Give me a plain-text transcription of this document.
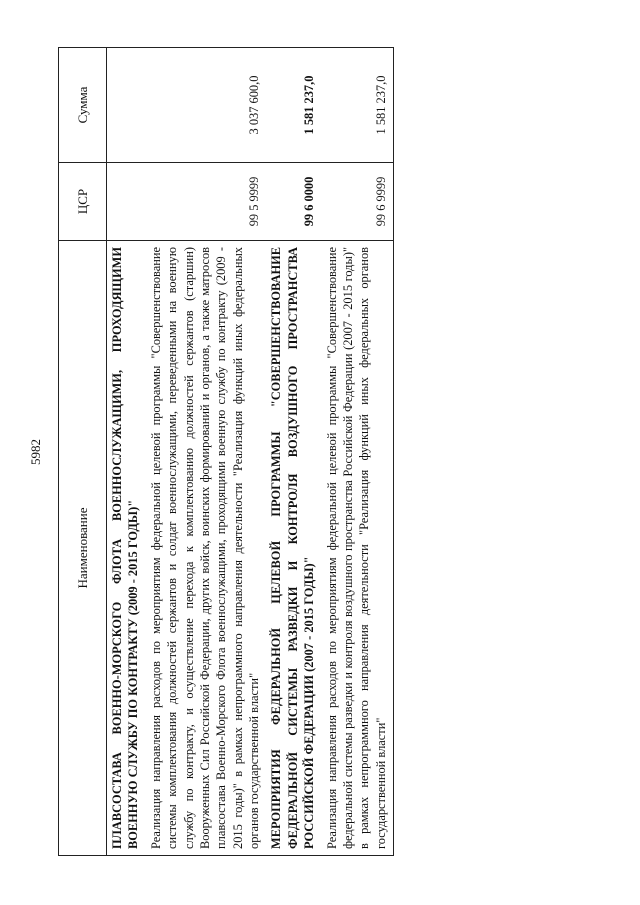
5982
Наименование	ЦСР	Сумма
ПЛАВСОСТАВА ВОЕННО-МОРСКОГО ФЛОТА ВОЕННОСЛУЖАЩИМИ, ПРОХОДЯЩИМИ ВОЕННУЮ СЛУЖБУ ПО КОНТРАКТУ (2009 - 2015 ГОДЫ)"		
Реализация направления расходов по мероприятиям федеральной целевой программы "Совершенствование системы комплектования должностей сержантов и солдат военнослужащими, переведенными на военную службу по контракту, и осуществление перехода к комплектованию должностей сержантов (старшин) Вооруженных Сил Российской Федерации, других войск, воинских формирований и органов, а также матросов плавсостава Военно-Морского Флота военнослужащими, проходящими военную службу по контракту (2009 - 2015 годы)" в рамках непрограммного направления деятельности "Реализация функций иных федеральных органов государственной власти"	99 5 9999	3 037 600,0
МЕРОПРИЯТИЯ ФЕДЕРАЛЬНОЙ ЦЕЛЕВОЙ ПРОГРАММЫ "СОВЕРШЕНСТВОВАНИЕ ФЕДЕРАЛЬНОЙ СИСТЕМЫ РАЗВЕДКИ И КОНТРОЛЯ ВОЗДУШНОГО ПРОСТРАНСТВА РОССИЙСКОЙ ФЕДЕРАЦИИ (2007 - 2015 ГОДЫ)"	99 6 0000	1 581 237,0
Реализация направления расходов по мероприятиям федеральной целевой программы "Совершенствование федеральной системы разведки и контроля воздушного пространства Российской Федерации (2007 - 2015 годы)" в рамках непрограммного направления деятельности "Реализация функций иных федеральных органов государственной власти"	99 6 9999	1 581 237,0
